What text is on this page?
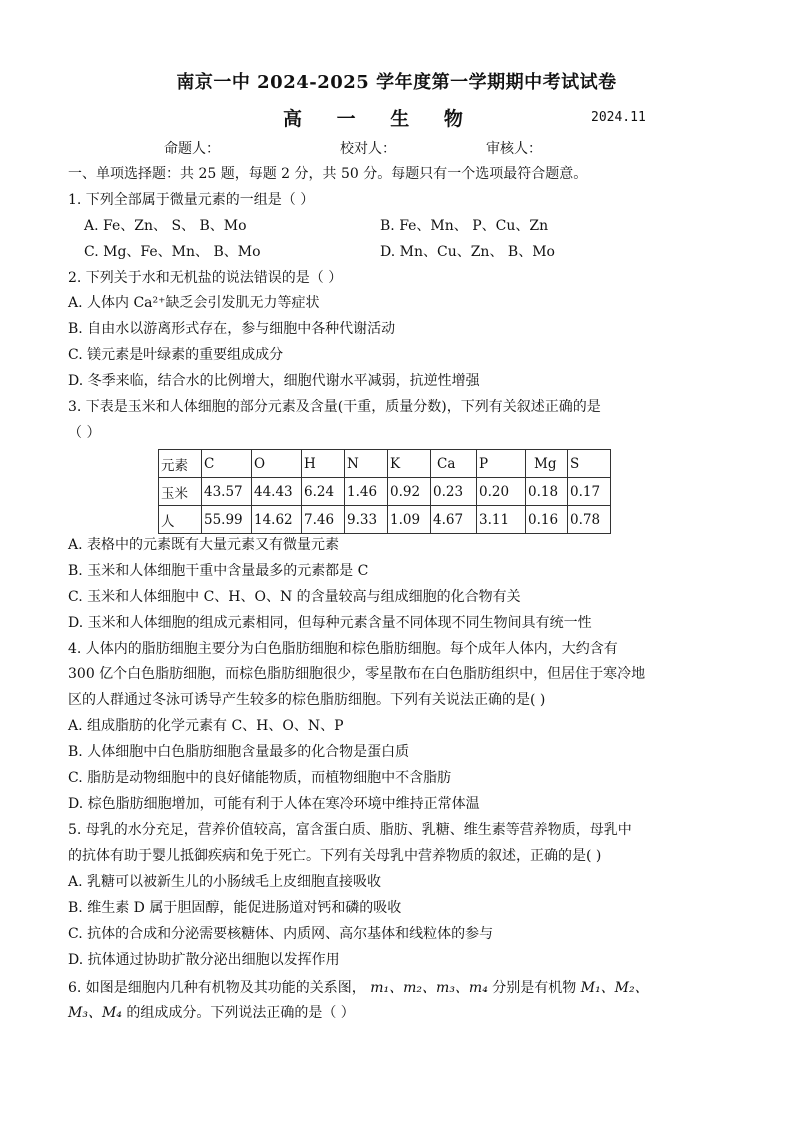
南京一中 2024-2025 学年度第一学期期中考试试卷
高 一 生 物	2024.11
命题人：	校对人：	审核人：
一、单项选择题：共 25 题，每题 2 分，共 50 分。每题只有一个选项最符合题意。
1. 下列全部属于微量元素的一组是（ ）
A. Fe、Zn、 S、 B、Mo	B. Fe、Mn、 P、Cu、Zn
C. Mg、Fe、Mn、 B、Mo	D. Mn、Cu、Zn、 B、Mo
2. 下列关于水和无机盐的说法错误的是（ ）
A. 人体内 Ca²⁺缺乏会引发肌无力等症状
B. 自由水以游离形式存在，参与细胞中各种代谢活动
C. 镁元素是叶绿素的重要组成成分
D. 冬季来临，结合水的比例增大，细胞代谢水平减弱，抗逆性增强
3. 下表是玉米和人体细胞的部分元素及含量(干重，质量分数)，下列有关叙述正确的是
（ ）
元素	C	O	H	N	K	Ca	P	Mg	S
玉米	43.57	44.43	6.24	1.46	0.92	0.23	0.20	0.18	0.17
人	55.99	14.62	7.46	9.33	1.09	4.67	3.11	0.16	0.78
A. 表格中的元素既有大量元素又有微量元素
B. 玉米和人体细胞干重中含量最多的元素都是 C
C. 玉米和人体细胞中 C、H、O、N 的含量较高与组成细胞的化合物有关
D. 玉米和人体细胞的组成元素相同，但每种元素含量不同体现不同生物间具有统一性
4. 人体内的脂肪细胞主要分为白色脂肪细胞和棕色脂肪细胞。每个成年人体内，大约含有
300 亿个白色脂肪细胞，而棕色脂肪细胞很少，零星散布在白色脂肪组织中，但居住于寒冷地
区的人群通过冬泳可诱导产生较多的棕色脂肪细胞。下列有关说法正确的是( )
A. 组成脂肪的化学元素有 C、H、O、N、P
B. 人体细胞中白色脂肪细胞含量最多的化合物是蛋白质
C. 脂肪是动物细胞中的良好储能物质，而植物细胞中不含脂肪
D. 棕色脂肪细胞增加，可能有利于人体在寒冷环境中维持正常体温
5. 母乳的水分充足，营养价值较高，富含蛋白质、脂肪、乳糖、维生素等营养物质，母乳中
的抗体有助于婴儿抵御疾病和免于死亡。下列有关母乳中营养物质的叙述，正确的是( )
A. 乳糖可以被新生儿的小肠绒毛上皮细胞直接吸收
B. 维生素 D 属于胆固醇，能促进肠道对钙和磷的吸收
C. 抗体的合成和分泌需要核糖体、内质网、高尔基体和线粒体的参与
D. 抗体通过协助扩散分泌出细胞以发挥作用
6. 如图是细胞内几种有机物及其功能的关系图， m₁、m₂、m₃、m₄ 分别是有机物 M₁、M₂、
M₃、M₄ 的组成成分。下列说法正确的是（ ）
